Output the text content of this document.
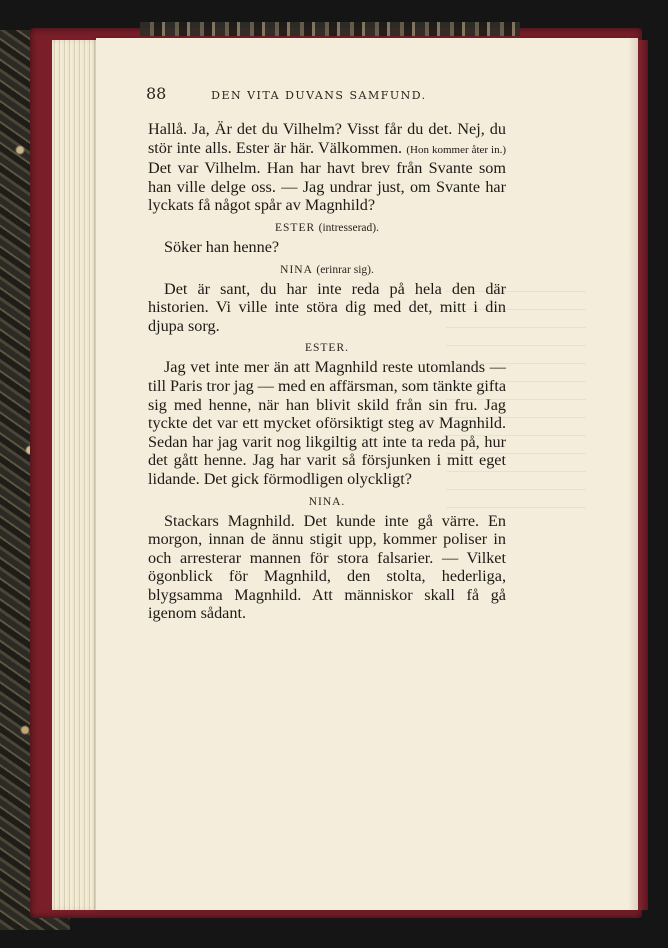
88	DEN VITA DUVANS SAMFUND.

Hallå. Ja, Är det du Vilhelm? Visst får du det. Nej, du stör inte alls. Ester är här. Välkommen. (Hon kommer åter in.) Det var Vilhelm. Han har havt brev från Svante som han ville delge oss. — Jag undrar just, om Svante har lyckats få något spår av Magnhild?

ESTER (intresserad).

Söker han henne?

NINA (erinrar sig).

Det är sant, du har inte reda på hela den där historien. Vi ville inte störa dig med det, mitt i din djupa sorg.

ESTER.

Jag vet inte mer än att Magnhild reste utomlands — till Paris tror jag — med en affärsman, som tänkte gifta sig med henne, när han blivit skild från sin fru. Jag tyckte det var ett mycket oförsiktigt steg av Magnhild. Sedan har jag varit nog likgiltig att inte ta reda på, hur det gått henne. Jag har varit så försjunken i mitt eget lidande. Det gick förmodligen olyckligt?

NINA.

Stackars Magnhild. Det kunde inte gå värre. En morgon, innan de ännu stigit upp, kommer poliser in och arresterar mannen för stora falsarier. — Vilket ögonblick för Magnhild, den stolta, hederliga, blygsamma Magnhild. Att människor skall få gå igenom sådant.
